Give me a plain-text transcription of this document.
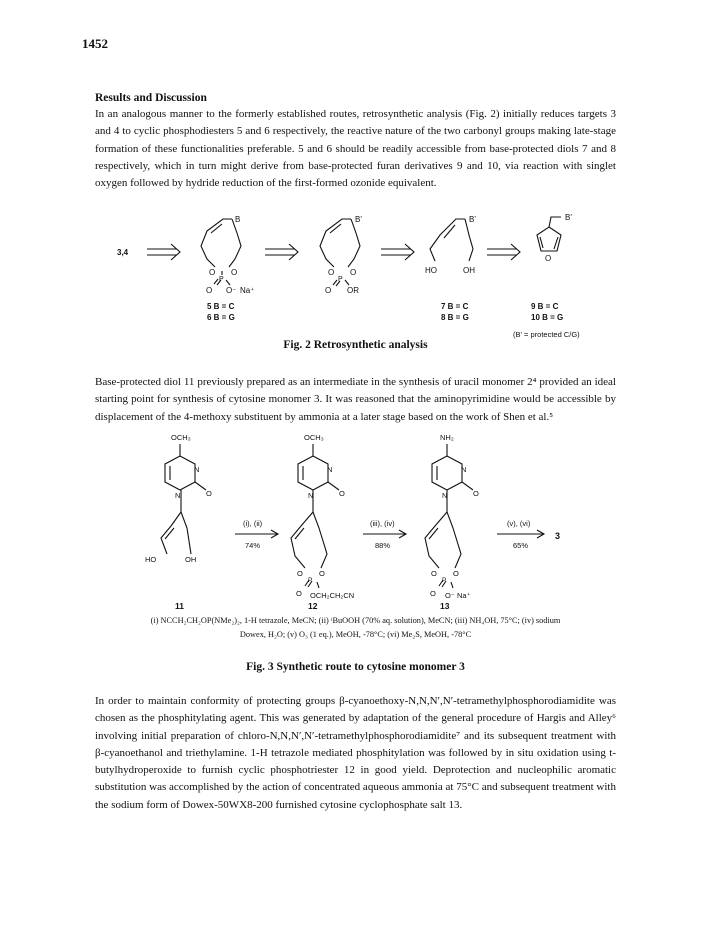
1452
Results and Discussion

In an analogous manner to the formerly established routes, retrosynthetic analysis (Fig. 2) initially reduces targets 3 and 4 to cyclic phosphodiesters 5 and 6 respectively, the reactive nature of the two carbonyl groups making late-stage formation of these functionalities preferable. 5 and 6 should be readily accessible from base-protected diols 7 and 8 respectively, which in turn might derive from base-protected furan derivatives 9 and 10, via reaction with singlet oxygen followed by hydride reduction of the first-formed ozonide equivalent.

3,4
B
O O
P
O O⁻ Na⁺
5 B = C
6 B = G
B'
O O
P
O OR
B'
HO	OH
7 B = C
8 B = G
B'
O
9 B = C
10 B = G
(B' = protected C/G)
Fig. 2 Retrosynthetic analysis

Base-protected diol 11 previously prepared as an intermediate in the synthesis of uracil monomer 2⁴ provided an ideal starting point for synthesis of cytosine monomer 3. It was reasoned that the aminopyrimidine would be accessible by displacement of the 4-methoxy substituent by ammonia at a later stage based on the work of Shen et al.⁵

OCH₃
N
O
N
HO	OH
(i), (ii)
74%
OCH₃
N
O
N
O O
P
O OCH₂CH₂CN
(iii), (iv)
88%
NH₂
N
O
N
O O
P
O O⁻ Na⁺
(v), (vi)
65%
3
11	12	13
(i) NCCH₂CH₂OP(NMe₂)₂, 1-H tetrazole, MeCN; (ii) ᵗBuOOH (70% aq. solution), MeCN; (iii) NH₄OH, 75°C; (iv) sodium
Dowex, H₂O; (v) O₃ (1 eq.), MeOH, -78°C; (vi) Me₂S, MeOH, -78°C
Fig. 3 Synthetic route to cytosine monomer 3

In order to maintain conformity of protecting groups β-cyanoethoxy-N,N,N′,N′-tetramethylphosphorodiamidite was chosen as the phosphitylating agent. This was generated by adaptation of the general procedure of Hargis and Alley⁶ involving initial preparation of chloro-N,N,N′,N′-tetramethylphosphorodiamidite⁷ and its subsequent treatment with β-cyanoethanol and triethylamine. 1-H tetrazole mediated phosphitylation was followed by in situ oxidation using t-butylhydroperoxide to furnish cyclic phosphotriester 12 in good yield. Deprotection and nucleophilic aromatic substitution was accomplished by the action of concentrated aqueous ammonia at 75°C and subsequent treatment with the sodium form of Dowex-50WX8-200 furnished cytosine cyclophosphate salt 13.
